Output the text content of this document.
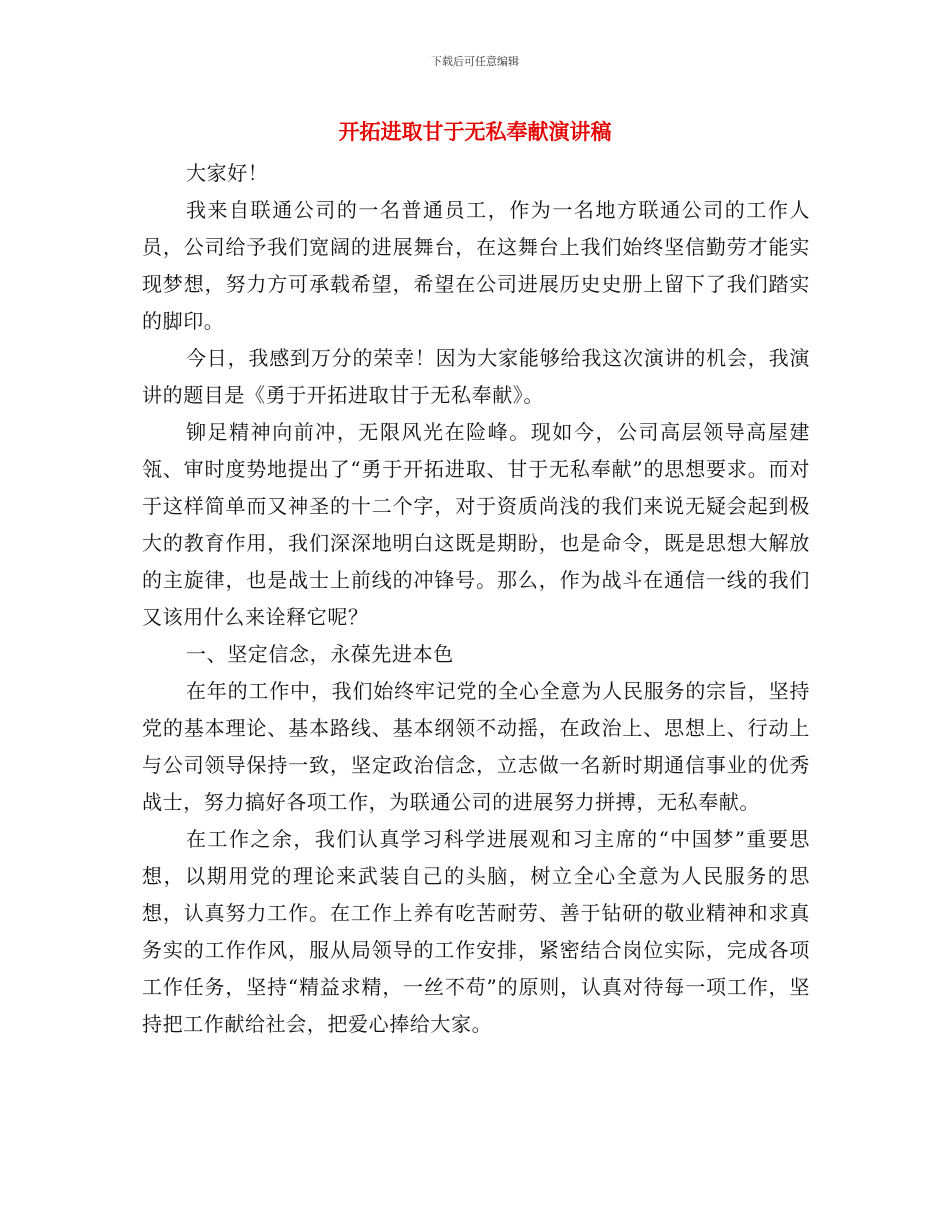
下载后可任意编辑
开拓进取甘于无私奉献演讲稿

大家好！

我来自联通公司的一名普通员工，作为一名地方联通公司的工作人员，公司给予我们宽阔的进展舞台，在这舞台上我们始终坚信勤劳才能实现梦想，努力方可承载希望，希望在公司进展历史史册上留下了我们踏实的脚印。

今日，我感到万分的荣幸！因为大家能够给我这次演讲的机会，我演讲的题目是《勇于开拓进取甘于无私奉献》。

铆足精神向前冲，无限风光在险峰。现如今，公司高层领导高屋建瓴、审时度势地提出了“勇于开拓进取、甘于无私奉献”的思想要求。而对于这样简单而又神圣的十二个字，对于资质尚浅的我们来说无疑会起到极大的教育作用，我们深深地明白这既是期盼，也是命令，既是思想大解放的主旋律，也是战士上前线的冲锋号。那么，作为战斗在通信一线的我们又该用什么来诠释它呢？

一、坚定信念，永葆先进本色

在年的工作中，我们始终牢记党的全心全意为人民服务的宗旨，坚持党的基本理论、基本路线、基本纲领不动摇，在政治上、思想上、行动上与公司领导保持一致，坚定政治信念，立志做一名新时期通信事业的优秀战士，努力搞好各项工作，为联通公司的进展努力拼搏，无私奉献。

在工作之余，我们认真学习科学进展观和习主席的“中国梦”重要思想，以期用党的理论来武装自己的头脑，树立全心全意为人民服务的思想，认真努力工作。在工作上养有吃苦耐劳、善于钻研的敬业精神和求真务实的工作作风，服从局领导的工作安排，紧密结合岗位实际，完成各项工作任务，坚持“精益求精，一丝不苟”的原则，认真对待每一项工作，坚持把工作献给社会，把爱心捧给大家。
